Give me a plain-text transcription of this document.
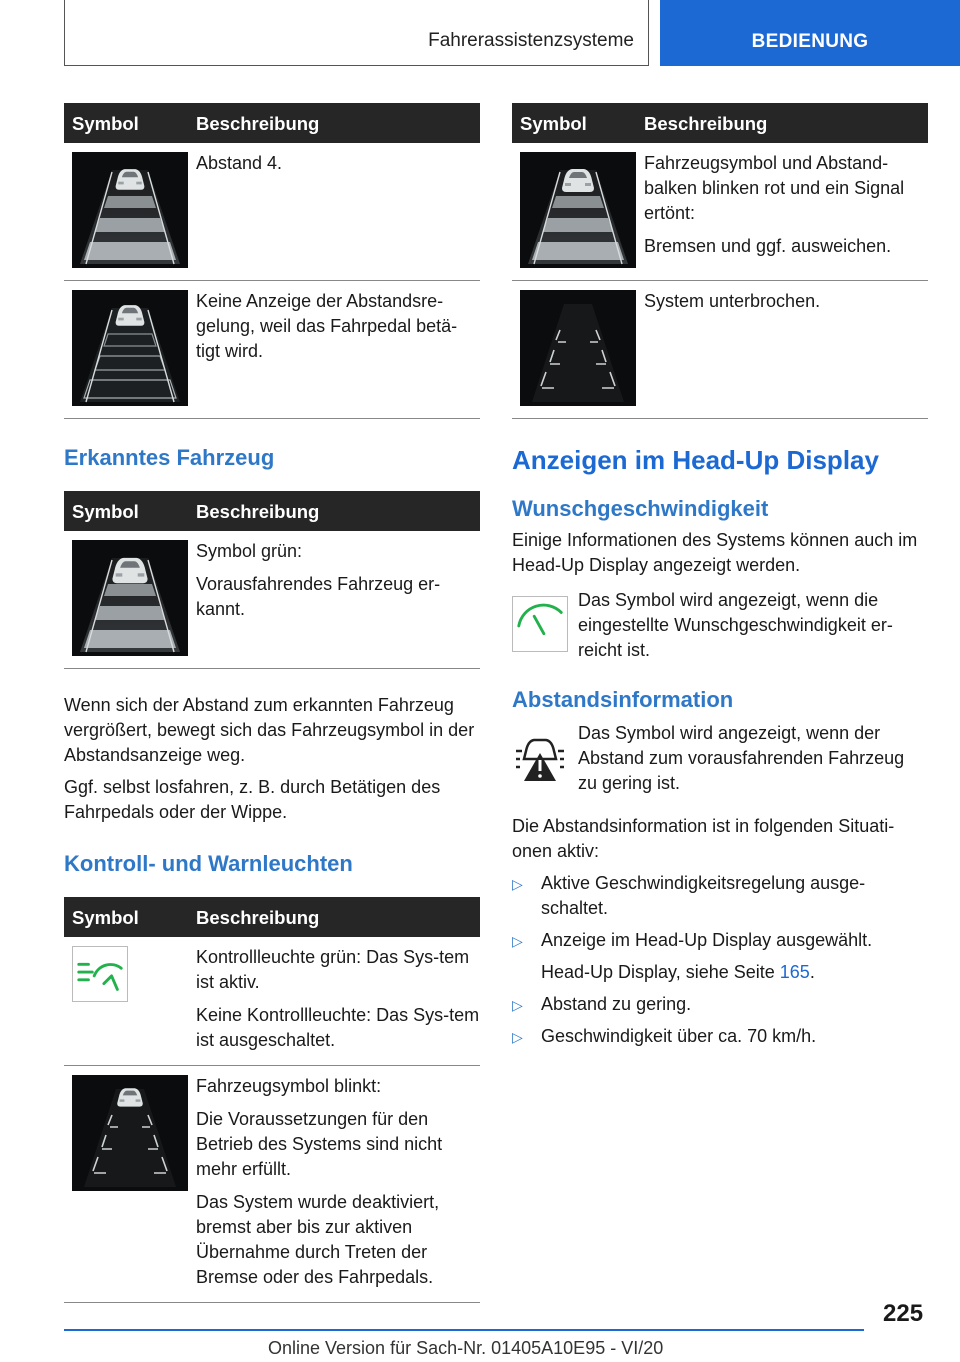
Fahrerassistenzsysteme	BEDIENUNG
Symbol	Beschreibung

Abstand 4.

Keine Anzeige der Abstandsre-gelung, weil das Fahrpedal betä-tigt wird.

Erkanntes Fahrzeug
Symbol	Beschreibung

Symbol grün:

Vorausfahrendes Fahrzeug er-kannt.

Wenn sich der Abstand zum erkannten Fahrzeug vergrößert, bewegt sich das Fahrzeugsymbol in der Abstandsanzeige weg.

Ggf. selbst losfahren, z. B. durch Betätigen des Fahrpedals oder der Wippe.

Kontroll- und Warnleuchten
Symbol	Beschreibung

Kontrollleuchte grün: Das Sys-tem ist aktiv.

Keine Kontrollleuchte: Das Sys-tem ist ausgeschaltet.

Fahrzeugsymbol blinkt:

Die Voraussetzungen für den Betrieb des Systems sind nicht mehr erfüllt.

Das System wurde deaktiviert, bremst aber bis zur aktiven Übernahme durch Treten der Bremse oder des Fahrpedals.

Symbol	Beschreibung

Fahrzeugsymbol und Abstand-balken blinken rot und ein Signal ertönt:

Bremsen und ggf. ausweichen.

System unterbrochen.

Anzeigen im Head-Up Display
Wunschgeschwindigkeit

Einige Informationen des Systems können auch im Head-Up Display angezeigt werden.

Das Symbol wird angezeigt, wenn die eingestellte Wunschgeschwindigkeit er-reicht ist.
Abstandsinformation
Das Symbol wird angezeigt, wenn der Abstand zum vorausfahrenden Fahrzeug zu gering ist.

Die Abstandsinformation ist in folgenden Situati-onen aktiv:

▷ Aktive Geschwindigkeitsregelung ausge-schaltet.
▷ Anzeige im Head-Up Display ausgewählt.
Head-Up Display, siehe Seite 165.
▷ Abstand zu gering.
▷ Geschwindigkeit über ca. 70 km/h.
225
Online Version für Sach-Nr. 01405A10E95 - VI/20
